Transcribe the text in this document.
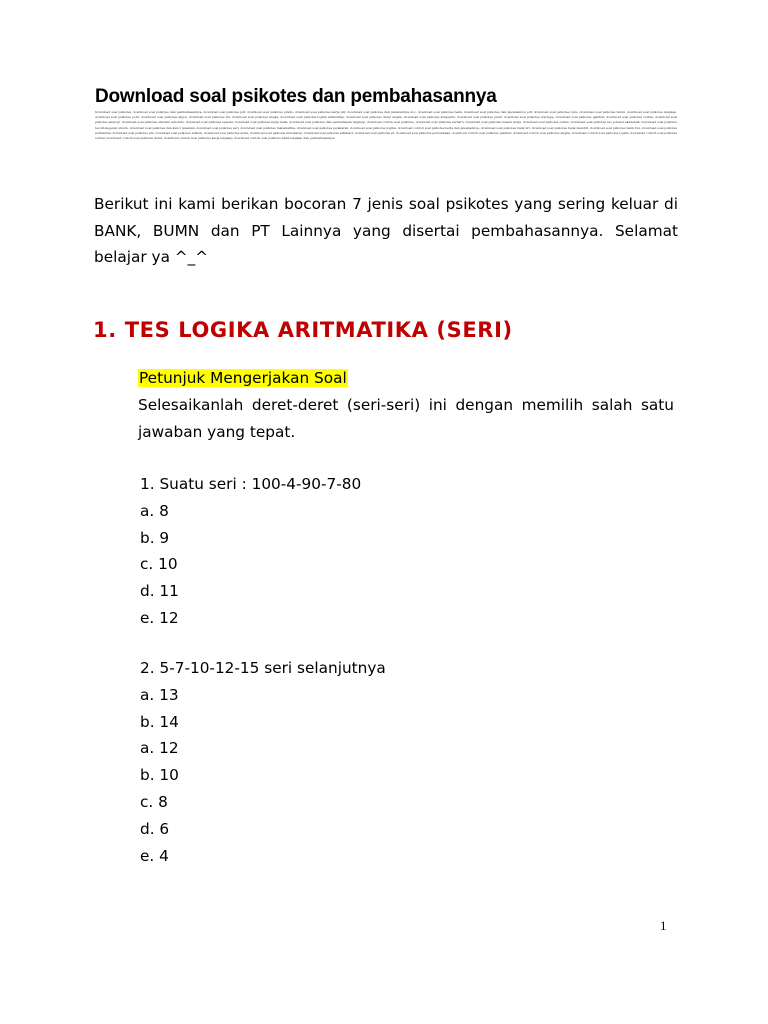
Download soal psikotes dan pembahasannya
Download soal psikotes, download soal psikotes dan pembahasannya, download soal psikotes pdf, download soal psikotes gratis, download soal psikotes kerja pdf, download soal psikotes dan jawabannya doc, download soal psikotes bank, download soal psikotes dan jawabannya pdf, download soal psikotes cpns, download soal psikotes bumn, download soal psikotes lengkap, download soal psikotes polri, download soal psikotes akpol, download soal psikotes tni, download soal psikotes angka, download soal psikotes logika aritmatika, download soal psikotes deret angka, download soal psikotes kraepelin, download soal psikotes pauli, download soal psikotes wartegg, download soal psikotes gambar, download soal psikotes verbal, download soal psikotes analogi, download soal psikotes sinonim antonim, download soal psikotes spasial, download soal psikotes kerja bank, download soal psikotes dan pembahasan lengkap, download contoh soal psikotes, download soal psikotes terbaru, download soal psikotes masuk kerja, download soal psikotes online, download soal psikotes tes potensi akademik, download soal psikotes tes intelegensi umum, download soal psikotes dan kunci jawaban, download soal psikotes seri, download soal psikotes matematika, download soal psikotes penalaran, download soal psikotes logika, download contoh soal psikotes kerja dan jawabannya, download soal psikotes bank bri, download soal psikotes bank mandiri, download soal psikotes bank bni, download soal psikotes pertamina, download soal psikotes pln, download soal psikotes telkom, download soal psikotes astra, download soal psikotes indomaret, download soal psikotes alfamart, download soal psikotes pt, download soal psikotes perusahaan, download contoh soal psikotes gambar, download contoh soal psikotes angka, download contoh soal psikotes logika, download contoh soal psikotes verbal, download contoh soal psikotes deret, download contoh soal psikotes kerja lengkap, download contoh soal psikotes bank lengkap dan pembahasannya

Berikut ini kami berikan bocoran 7 jenis soal psikotes yang sering keluar di BANK, BUMN dan PT Lainnya yang disertai pembahasannya. Selamat belajar ya ^_^

1. TES LOGIKA ARITMATIKA (SERI)
Petunjuk Mengerjakan Soal

Selesaikanlah deret-deret (seri-seri) ini dengan memilih salah satu jawaban yang tepat.

1. Suatu seri : 100-4-90-7-80
a. 8
b. 9
c. 10
d. 11
e. 12
2. 5-7-10-12-15 seri selanjutnya
a. 13
b. 14
a. 12
b. 10
c. 8
d. 6
e. 4
1
